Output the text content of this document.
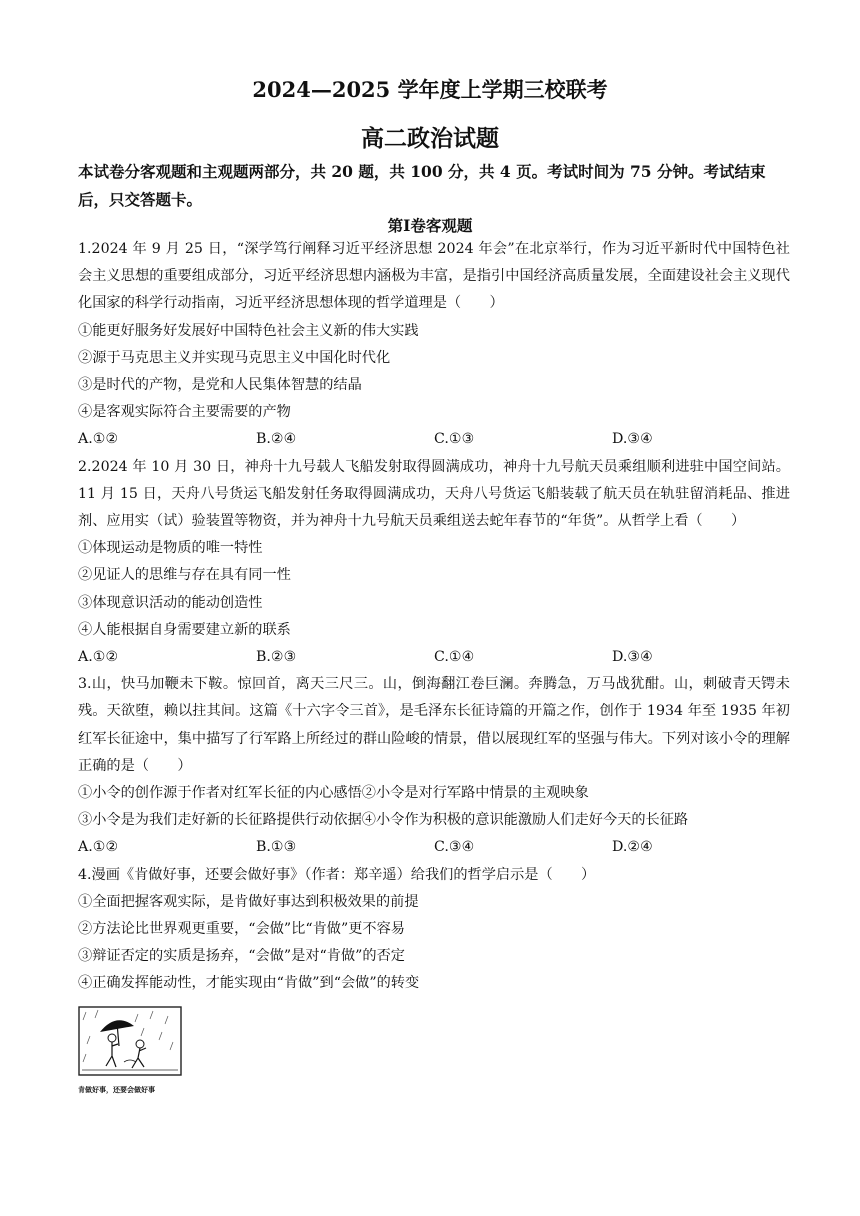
2024—2025 学年度上学期三校联考
高二政治试题
本试卷分客观题和主观题两部分，共 20 题，共 100 分，共 4 页。考试时间为 75 分钟。考试结束后，只交答题卡。
第Ⅰ卷客观题

1.2024 年 9 月 25 日，“深学笃行阐释习近平经济思想 2024 年会”在北京举行，作为习近平新时代中国特色社会主义思想的重要组成部分，习近平经济思想内涵极为丰富，是指引中国经济高质量发展，全面建设社会主义现代化国家的科学行动指南，习近平经济思想体现的哲学道理是（　　）

①能更好服务好发展好中国特色社会主义新的伟大实践

②源于马克思主义并实现马克思主义中国化时代化

③是时代的产物，是党和人民集体智慧的结晶

④是客观实际符合主要需要的产物

A.①②	B.②④	C.①③	D.③④

2.2024 年 10 月 30 日，神舟十九号载人飞船发射取得圆满成功，神舟十九号航天员乘组顺利进驻中国空间站。11 月 15 日，天舟八号货运飞船发射任务取得圆满成功，天舟八号货运飞船装载了航天员在轨驻留消耗品、推进剂、应用实（试）验装置等物资，并为神舟十九号航天员乘组送去蛇年春节的“年货”。从哲学上看（　　）

①体现运动是物质的唯一特性

②见证人的思维与存在具有同一性

③体现意识活动的能动创造性

④人能根据自身需要建立新的联系

A.①②	B.②③	C.①④	D.③④

3.山，快马加鞭未下鞍。惊回首，离天三尺三。山，倒海翻江卷巨澜。奔腾急，万马战犹酣。山，刺破青天锷未残。天欲堕，赖以拄其间。这篇《十六字令三首》，是毛泽东长征诗篇的开篇之作，创作于 1934 年至 1935 年初红军长征途中，集中描写了行军路上所经过的群山险峻的情景，借以展现红军的坚强与伟大。下列对该小令的理解正确的是（　　）

①小令的创作源于作者对红军长征的内心感悟②小令是对行军路中情景的主观映象

③小令是为我们走好新的长征路提供行动依据④小令作为积极的意识能激励人们走好今天的长征路

A.①②	B.①③	C.③④	D.②④

4.漫画《肯做好事，还要会做好事》（作者：郑辛遥）给我们的哲学启示是（　　）

①全面把握客观实际，是肯做好事达到积极效果的前提

②方法论比世界观更重要，“会做”比“肯做”更不容易

③辩证否定的实质是扬弃，“会做”是对“肯做”的否定

④正确发挥能动性，才能实现由“肯做”到“会做”的转变

肯做好事，还要会做好事
